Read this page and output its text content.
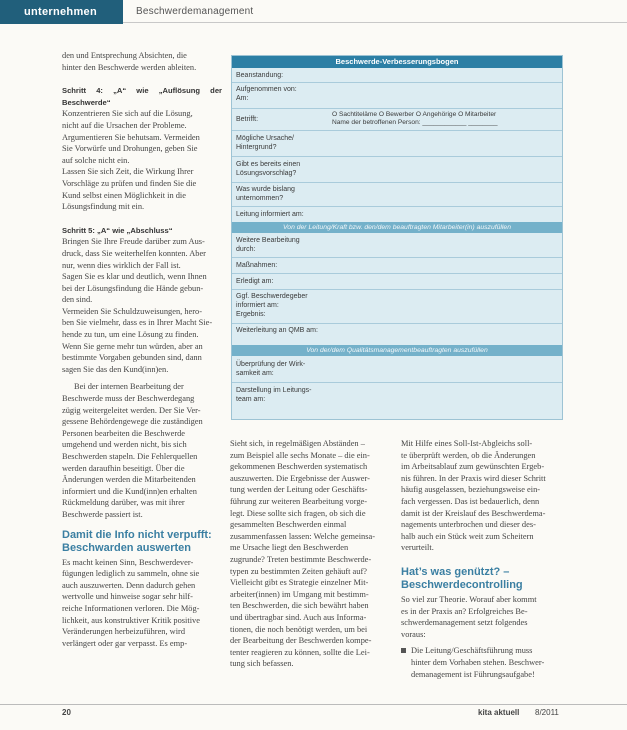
unternehmen	Beschwerdemanagement

den und Entsprechung Absichten, die

hinter den Beschwerde werden ableiten.

Schritt 4: „A“ wie „Auflösung der Beschwerde“

Konzentrieren Sie sich auf die Lösung,

nicht auf die Ursachen der Probleme.

Argumentieren Sie behutsam. Vermeiden

Sie Vorwürfe und Drohungen, geben Sie

auf solche nicht ein.

Lassen Sie sich Zeit, die Wirkung Ihrer

Vorschläge zu prüfen und finden Sie die

Kund selbst einen Möglichkeit in die

Lösungsfindung mit ein.

Schritt 5: „A“ wie „Abschluss“

Bringen Sie Ihre Freude darüber zum Aus-

druck, dass Sie weiterhelfen konnten. Aber

nur, wenn dies wirklich der Fall ist.

Sagen Sie es klar und deutlich, wenn Ihnen

bei der Lösungsfindung die Hände gebun-

den sind.

Vermeiden Sie Schuldzuweisungen, hero-

ben Sie vielmehr, dass es in Ihrer Macht Sie-

hende zu tun, um eine Lösung zu finden.

Wenn Sie gerne mehr tun würden, aber an

bestimmte Vorgaben gebunden sind, dann

sagen Sie das den Kund(inn)en.

Bei der internen Bearbeitung der

Beschwerde muss der Beschwerdegang

zügig weitergeleitet werden. Der Sie Ver-

gessene Behördengewege die zuständigen

Personen bearbeiten die Beschwerde

umgehend und werden nicht, bis sich

Beschwerden stapeln. Die Fehlerquellen

werden daraufhin beseitigt. Über die

Änderungen werden die Mitarbeitenden

informiert und die Kund(inn)en erhalten

Rückmeldung darüber, was mit ihrer

Beschwerde passiert ist.

Damit die Info nicht verpufft:
Beschwarden auswerten

Es macht keinen Sinn, Beschwerdever-

fügungen lediglich zu sammeln, ohne sie

auch auszuwerten. Denn dadurch gehen

wertvolle und hinweise sogar sehr hilf-

reiche Informationen verloren. Die Mög-

lichkeit, aus konstruktiver Kritik positive

Veränderungen herbeizuführen, wird

verlängert oder gar verpasst. Es emp-

Beschwerde-Verbesserungsbogen
Beanstandung:
Aufgenommen von: Am:
Betrifft:
O Sachtiteläme O Bewerber O Angehörige O Mitarbeiter
Name der betroffenen Person: ____________ ________
Mögliche Ursache/ Hintergrund?
Gibt es bereits einen Lösungsvorschlag?
Was wurde bislang unternommen?
Leitung informiert am:
Von der Leitung/Kraft bzw. den/dem beauftragten Mitarbeiter(in) auszufüllen
Weitere Bearbeitung durch:
Maßnahmen:
Erledigt am:
Ggf. Beschwerdegeber informiert am: Ergebnis:
Weiterleitung an QMB am:
Von der/dem Qualitätsmanagementbeauftragten auszufüllen
Überprüfung der Wirk-samkeit am:
Darstellung im Leitungs-team am:

Sieht sich, in regelmäßigen Abständen –

zum Beispiel alle sechs Monate – die ein-

gekommenen Beschwerden systematisch

auszuwerten. Die Ergebnisse der Auswer-

tung werden der Leitung oder Geschäfts-

führung zur weiteren Bearbeitung vorge-

legt. Diese sollte sich fragen, ob sich die

gesammelten Beschwerden einmal

zusammenfassen lassen: Welche gemeinsa-

me Ursache liegt den Beschwerden

zugrunde? Treten bestimmte Beschwerde-

typen zu bestimmten Zeiten gehäuft auf?

Vielleicht gibt es Strategie einzelner Mit-

arbeiter(innen) im Umgang mit bestimm-

ten Beschwerden, die sich bewährt haben

und übertragbar sind. Auch aus Informa-

tionen, die noch benötigt werden, um bei

der Bearbeitung der Beschwerden kompe-

tenter reagieren zu können, sollte die Lei-

tung sich befassen.

Mit Hilfe eines Soll-Ist-Abgleichs soll-

te überprüft werden, ob die Änderungen

im Arbeitsablauf zum gewünschten Ergeb-

nis führen. In der Praxis wird dieser Schritt

häufig ausgelassen, beziehungsweise ein-

fach vergessen. Das ist bedauerlich, denn

damit ist der Kreislauf des Beschwerdema-

nagements unterbrochen und dieser des-

halb auch ein Stück weit zum Scheitern

verurteilt.

Hat’s was genützt? –
Beschwerdecontrolling

So viel zur Theorie. Worauf aber kommt

es in der Praxis an? Erfolgreiches Be-

schwerdemanagement setzt folgendes

voraus:

Die Leitung/Geschäftsführung muss

hinter dem Vorhaben stehen. Beschwer-

demanagement ist Führungsaufgabe!

20	kita aktuell 8/2011
